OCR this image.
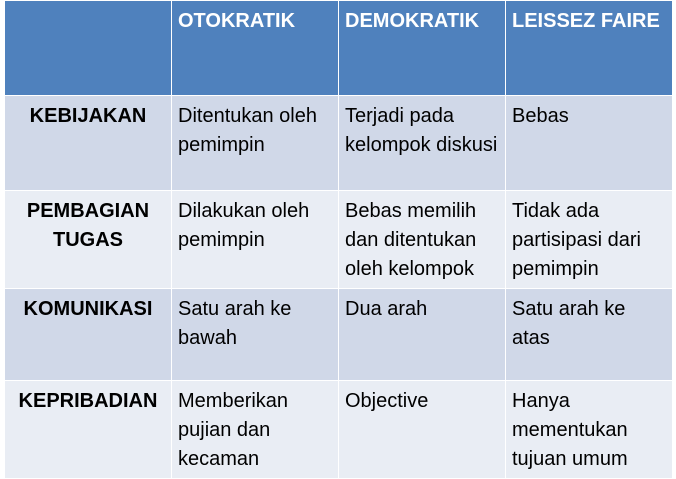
	OTOKRATIK	DEMOKRATIK	LEISSEZ FAIRE
KEBIJAKAN	Ditentukan oleh pemimpin	Terjadi pada kelompok diskusi	Bebas
PEMBAGIAN TUGAS	Dilakukan oleh pemimpin	Bebas memilih dan ditentukan oleh kelompok	Tidak ada partisipasi dari pemimpin
KOMUNIKASI	Satu arah ke bawah	Dua arah	Satu arah ke atas
KEPRIBADIAN	Memberikan pujian dan kecaman	Objective	Hanya mementukan tujuan umum
